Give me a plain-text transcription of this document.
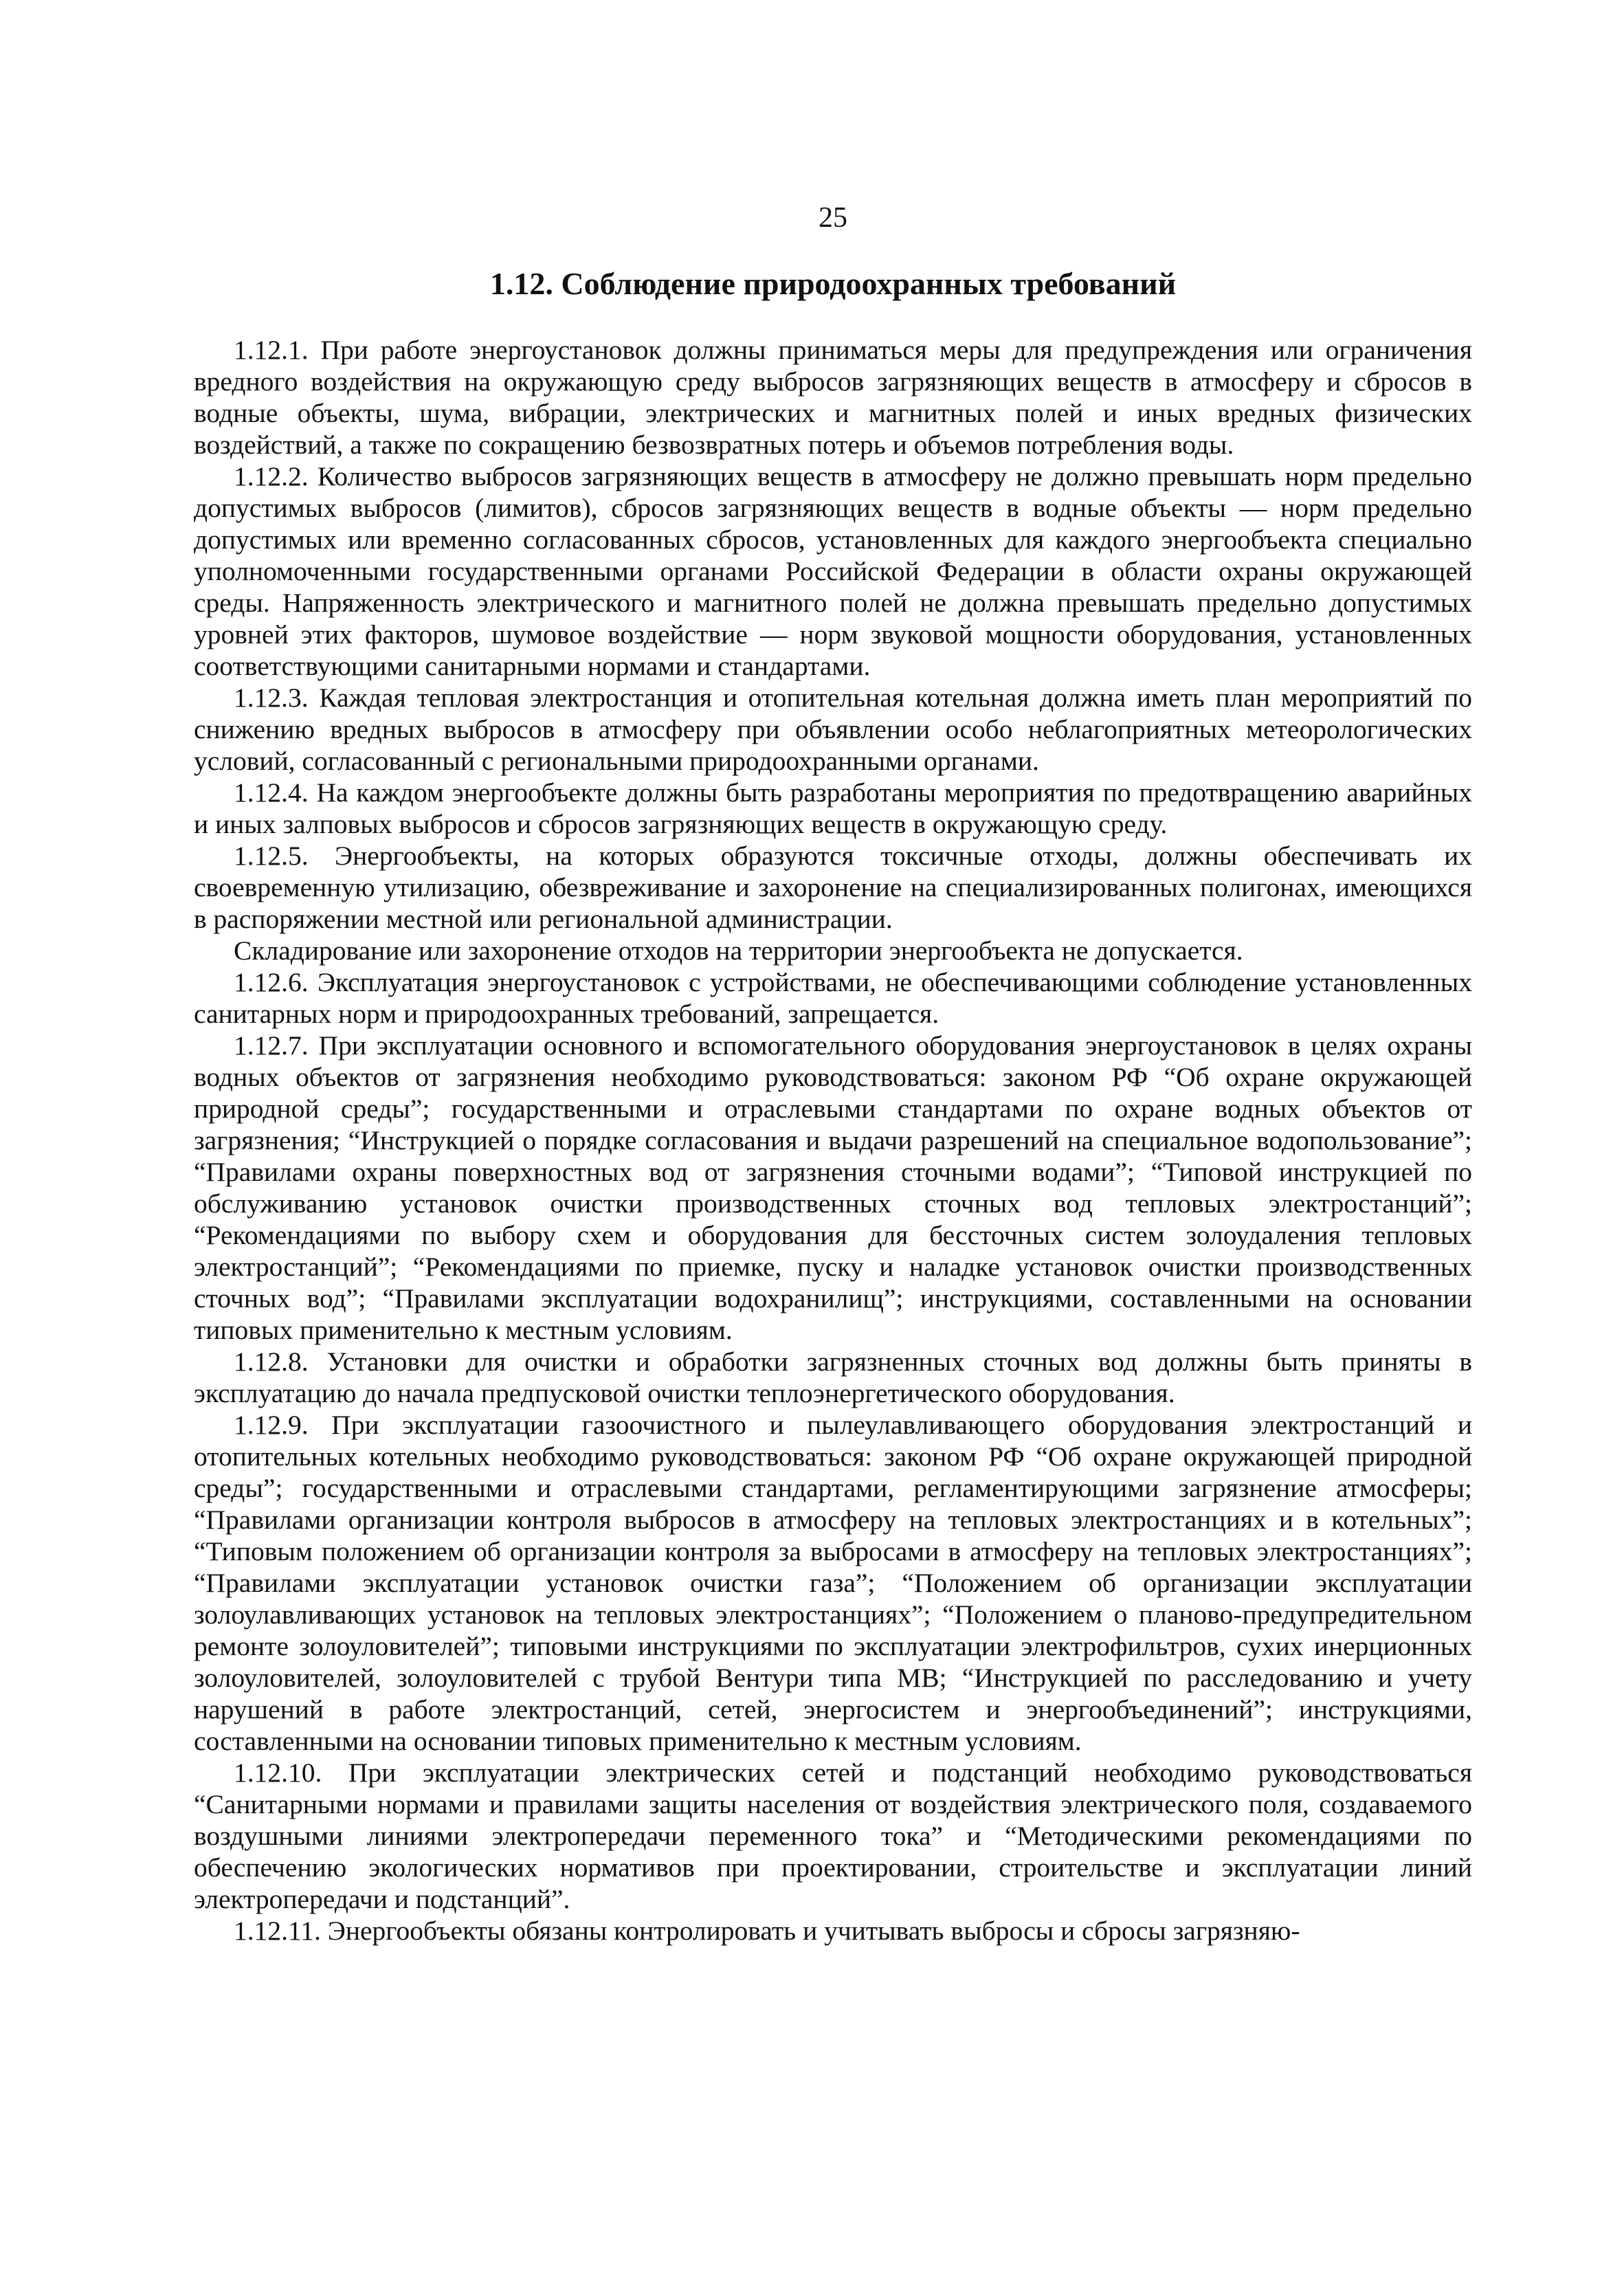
25
1.12. Соблюдение природоохранных требований

1.12.1. При работе энергоустановок должны приниматься меры для предупреждения или ограничения вредного воздействия на окружающую среду выбросов загрязняющих веществ в атмосферу и сбросов в водные объекты, шума, вибрации, электрических и магнитных полей и иных вредных физических воздействий, а также по сокращению безвозвратных потерь и объемов потребления воды.

1.12.2. Количество выбросов загрязняющих веществ в атмосферу не должно превышать норм предельно допустимых выбросов (лимитов), сбросов загрязняющих веществ в водные объекты — норм предельно допустимых или временно согласованных сбросов, установленных для каждого энергообъекта специально уполномоченными государственными органами Российской Федерации в области охраны окружающей среды. Напряженность электрического и магнитного полей не должна превышать предельно допустимых уровней этих факторов, шумовое воздействие — норм звуковой мощности оборудования, установленных соответствующими санитарными нормами и стандартами.

1.12.3. Каждая тепловая электростанция и отопительная котельная должна иметь план мероприятий по снижению вредных выбросов в атмосферу при объявлении особо неблагоприятных метеорологических условий, согласованный с региональными природоохранными органами.

1.12.4. На каждом энергообъекте должны быть разработаны мероприятия по предотвращению аварийных и иных залповых выбросов и сбросов загрязняющих веществ в окружающую среду.

1.12.5. Энергообъекты, на которых образуются токсичные отходы, должны обеспечивать их своевременную утилизацию, обезвреживание и захоронение на специализированных полигонах, имеющихся в распоряжении местной или региональной администрации.

Складирование или захоронение отходов на территории энергообъекта не допускается.

1.12.6. Эксплуатация энергоустановок с устройствами, не обеспечивающими соблюдение установленных санитарных норм и природоохранных требований, запрещается.

1.12.7. При эксплуатации основного и вспомогательного оборудования энергоустановок в целях охраны водных объектов от загрязнения необходимо руководствоваться: законом РФ “Об охране окружающей природной среды”; государственными и отраслевыми стандартами по охране водных объектов от загрязнения; “Инструкцией о порядке согласования и выдачи разрешений на специальное водопользование”; “Правилами охраны поверхностных вод от загрязнения сточными водами”; “Типовой инструкцией по обслуживанию установок очистки производственных сточных вод тепловых электростанций”; “Рекомендациями по выбору схем и оборудования для бессточных систем золоудаления тепловых электростанций”; “Рекомендациями по приемке, пуску и наладке установок очистки производственных сточных вод”; “Правилами эксплуатации водохранилищ”; инструкциями, составленными на основании типовых применительно к местным условиям.

1.12.8. Установки для очистки и обработки загрязненных сточных вод должны быть приняты в эксплуатацию до начала предпусковой очистки теплоэнергетического оборудования.

1.12.9. При эксплуатации газоочистного и пылеулавливающего оборудования электростанций и отопительных котельных необходимо руководствоваться: законом РФ “Об охране окружающей природной среды”; государственными и отраслевыми стандартами, регламентирующими загрязнение атмосферы; “Правилами организации контроля выбросов в атмосферу на тепловых электростанциях и в котельных”; “Типовым положением об организации контроля за выбросами в атмосферу на тепловых электростанциях”; “Правилами эксплуатации установок очистки газа”; “Положением об организации эксплуатации золоулавливающих установок на тепловых электростанциях”; “Положением о планово-предупредительном ремонте золоуловителей”; типовыми инструкциями по эксплуатации электрофильтров, сухих инерционных золоуловителей, золоуловителей с трубой Вентури типа МВ; “Инструкцией по расследованию и учету нарушений в работе электростанций, сетей, энергосистем и энергообъединений”; инструкциями, составленными на основании типовых применительно к местным условиям.

1.12.10. При эксплуатации электрических сетей и подстанций необходимо руководствоваться “Санитарными нормами и правилами защиты населения от воздействия электрического поля, создаваемого воздушными линиями электропередачи переменного тока” и “Методическими рекомендациями по обеспечению экологических нормативов при проектировании, строительстве и эксплуатации линий электропередачи и подстанций”.

1.12.11. Энергообъекты обязаны контролировать и учитывать выбросы и сбросы загрязняю-
